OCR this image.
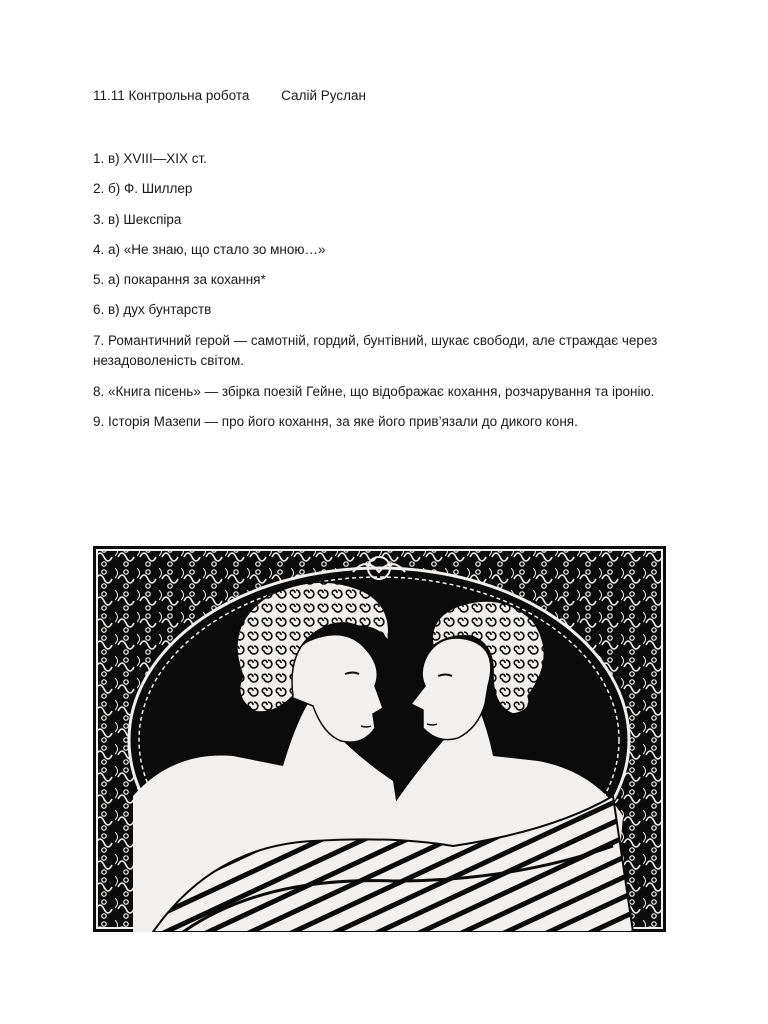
11.11 Контрольна робота Салій Руслан
1. в) XVIII—XIX ст.
2. б) Ф. Шиллер
3. в) Шекспіра
4. а) «Не знаю, що стало зо мною…»
5. а) покарання за кохання*
6. в) дух бунтарств
7. Романтичний герой — самотній, гордий, бунтівний, шукає свободи, але страждає через незадоволеність світом.
8. «Книга пісень» — збірка поезій Гейне, що відображає кохання, розчарування та іронію.
9. Історія Мазепи — про його кохання, за яке його прив’язали до дикого коня.
